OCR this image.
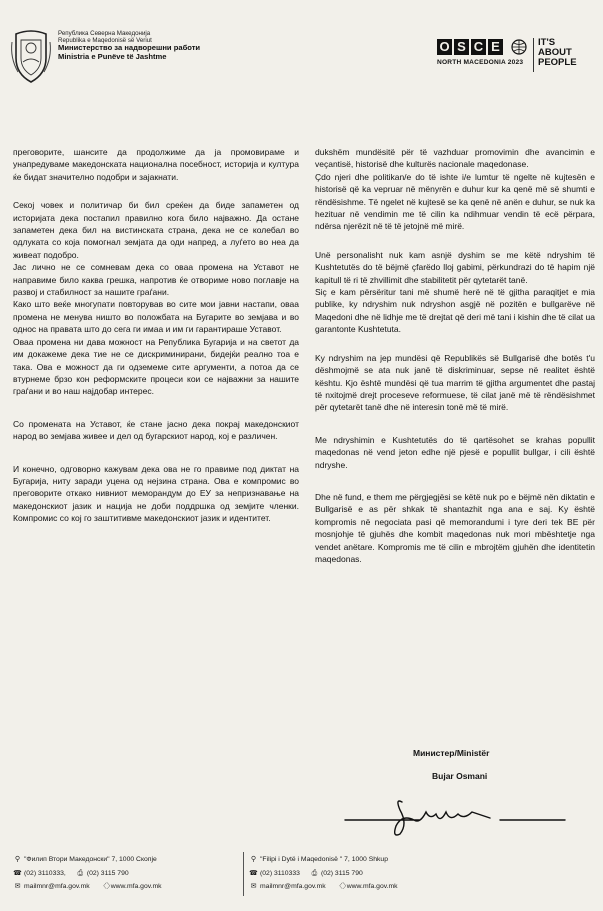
Република Северна Македонија
Republika e Maqedonisë së Veriut
Министерство за надворешни работи
Ministria e Punëve të Jashtme
O S C E
NORTH MACEDONIA 2023
IT'S
ABOUT
PEOPLE

преговорите, шансите да продолжиме да ја промовираме и унапредуваме македонската национална посебност, историја и култура ќе бидат значително подобри и зајакнати.

Секој човек и политичар би бил среќен да биде запаметен од историјата дека постапил правилно кога било најважно. Да остане запаметен дека бил на вистинската страна, дека не се колебал во одлуката со која помогнал земјата да оди напред, а луѓето во неа да живеат подобро.

Јас лично не се сомневам дека со оваа промена на Уставот не направиме било каква грешка, напротив ќе отвориме ново поглавје на развој и стабилност за нашите граѓани.

Како што веќе многупати повторував во сите мои јавни настапи, оваа промена не менува ништо во положбата на Бугарите во земјава и во однос на правата што до сега ги имаа и им ги гарантираше Уставот.

Оваа промена ни дава можност на Република Бугарија и на светот да им докажеме дека тие не се дискриминирани, бидејќи реално тоа е така. Ова е можност да ги одземеме сите аргументи, а потоа да се втурнеме брзо кон реформските процеси кои се најважни за нашите граѓани и во наш најдобар интерес.

Со промената на Уставот, ќе стане јасно дека покрај македонскиот народ во земјава живее и дел од бугарскиот народ, кој е различен.

И конечно, одговорно кажувам дека ова не го правиме под диктат на Бугарија, ниту заради уцена од нејзина страна. Ова е компромис во преговорите откако нивниот меморандум до ЕУ за непризнавање на македонскиот јазик и нација не доби поддршка од земјите членки. Компромис со кој го заштитивме македонскиот јазик и идентитет.

dukshëm mundësitë për të vazhduar promovimin dhe avancimin e veçantisë, historisë dhe kulturës nacionale maqedonase.

Çdo njeri dhe politikan/e do të ishte i/e lumtur të ngelte në kujtesën e historisë që ka vepruar në mënyrën e duhur kur ka qenë më së shumti e rëndësishme. Të ngelet në kujtesë se ka qenë në anën e duhur, se nuk ka hezituar në vendimin me të cilin ka ndihmuar vendin të ecë përpara, ndërsa njerëzit në të të jetojnë më mirë.

Unë personalisht nuk kam asnjë dyshim se me këtë ndryshim të Kushtetutës do të bëjmë çfarëdo lloj gabimi, përkundrazi do të hapim një kapitull të ri të zhvillimit dhe stabilitetit për qytetarët tanë.

Siç e kam përsëritur tani më shumë herë në të gjitha paraqitjet e mia publike, ky ndryshim nuk ndryshon asgjë në pozitën e bullgarëve në Maqedoni dhe në lidhje me të drejtat që deri më tani i kishin dhe të cilat ua garantonte Kushtetuta.

Ky ndryshim na jep mundësi që Republikës së Bullgarisë dhe botës t'u dëshmojmë se ata nuk janë të diskriminuar, sepse në realitet është kështu. Kjo është mundësi që tua marrim të gjitha argumentet dhe pastaj të nxitojmë drejt proceseve reformuese, të cilat janë më të rëndësishmet për qytetarët tanë dhe në interesin tonë më të mirë.

Me ndryshimin e Kushtetutës do të qartësohet se krahas popullit maqedonas në vend jeton edhe një pjesë e popullit bullgar, i cili është ndryshe.

Dhe në fund, e them me përgjegjësi se këtë nuk po e bëjmë nën diktatin e Bullgarisë e as për shkak të shantazhit nga ana e saj. Ky është kompromis në negociata pasi që memorandumi i tyre deri tek BE për mosnjohje të gjuhës dhe kombit maqedonas nuk mori mbështetje nga vendet anëtare. Kompromis me të cilin e mbrojtëm gjuhën dhe identitetin maqedonas.

Министер/Ministër
Bujar Osmani
⚲ "Филип Втори Македонски" 7, 1000 Скопје
☎ (02) 3110333, ⎙ (02) 3115 790
✉ mailmnr@mfa.gov.mk 〈〉www.mfa.gov.mk
⚲ "Filipi i Dytë i Maqedonisë " 7, 1000 Shkup
☎ (02) 3110333 ⎙ (02) 3115 790
✉ mailmnr@mfa.gov.mk 〈〉www.mfa.gov.mk
